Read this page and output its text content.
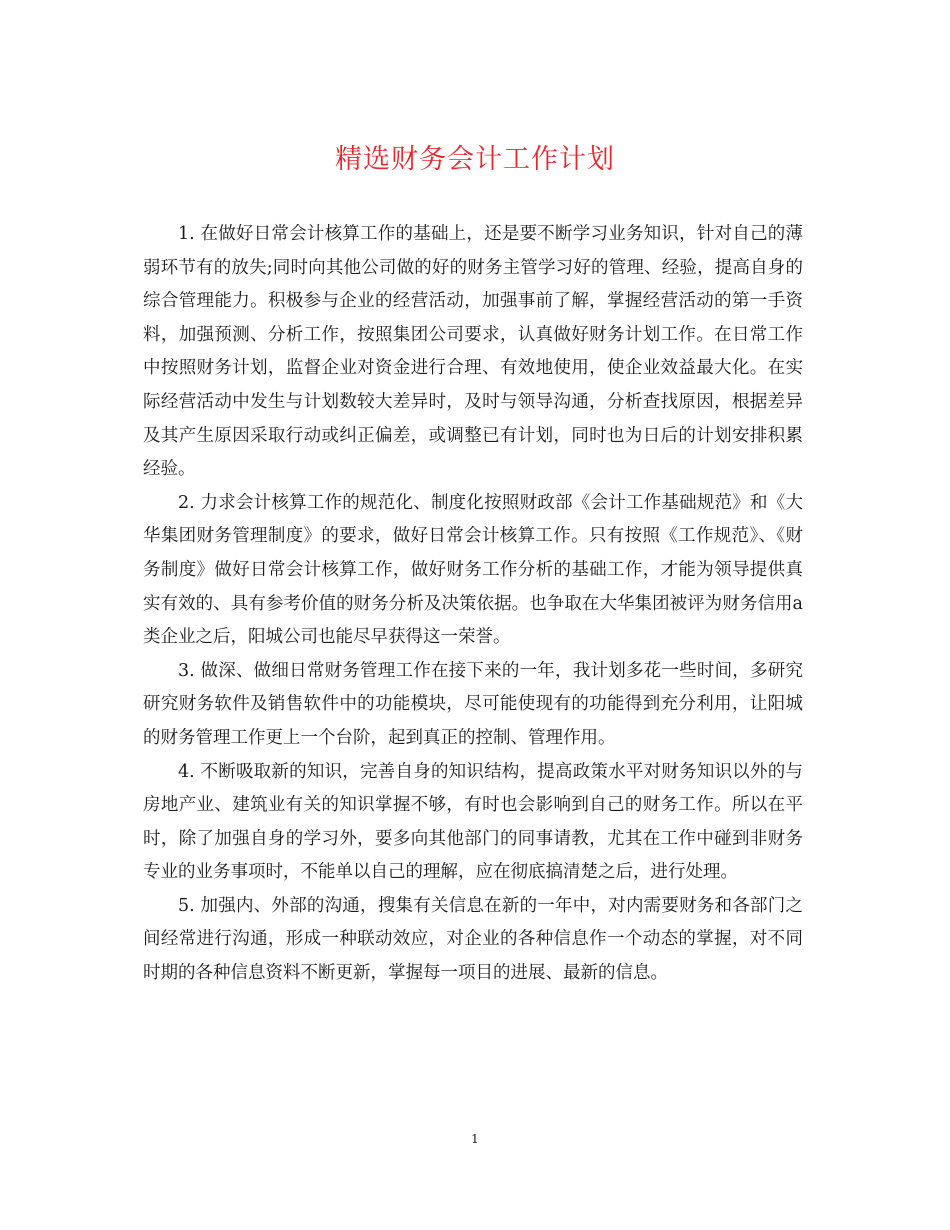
精选财务会计工作计划

1. 在做好日常会计核算工作的基础上，还是要不断学习业务知识，针对自己的薄弱环节有的放失;同时向其他公司做的好的财务主管学习好的管理、经验，提高自身的综合管理能力。积极参与企业的经营活动，加强事前了解，掌握经营活动的第一手资料，加强预测、分析工作，按照集团公司要求，认真做好财务计划工作。在日常工作中按照财务计划，监督企业对资金进行合理、有效地使用，使企业效益最大化。在实际经营活动中发生与计划数较大差异时，及时与领导沟通，分析查找原因，根据差异及其产生原因采取行动或纠正偏差，或调整已有计划，同时也为日后的计划安排积累经验。

2. 力求会计核算工作的规范化、制度化按照财政部《会计工作基础规范》和《大华集团财务管理制度》的要求，做好日常会计核算工作。只有按照《工作规范》、《财务制度》做好日常会计核算工作，做好财务工作分析的基础工作，才能为领导提供真实有效的、具有参考价值的财务分析及决策依据。也争取在大华集团被评为财务信用a类企业之后，阳城公司也能尽早获得这一荣誉。

3. 做深、做细日常财务管理工作在接下来的一年，我计划多花一些时间，多研究研究财务软件及销售软件中的功能模块，尽可能使现有的功能得到充分利用，让阳城的财务管理工作更上一个台阶，起到真正的控制、管理作用。

4. 不断吸取新的知识，完善自身的知识结构，提高政策水平对财务知识以外的与房地产业、建筑业有关的知识掌握不够，有时也会影响到自己的财务工作。所以在平时，除了加强自身的学习外，要多向其他部门的同事请教，尤其在工作中碰到非财务专业的业务事项时，不能单以自己的理解，应在彻底搞清楚之后，进行处理。

5. 加强内、外部的沟通，搜集有关信息在新的一年中，对内需要财务和各部门之间经常进行沟通，形成一种联动效应，对企业的各种信息作一个动态的掌握，对不同时期的各种信息资料不断更新，掌握每一项目的进展、最新的信息。

1
